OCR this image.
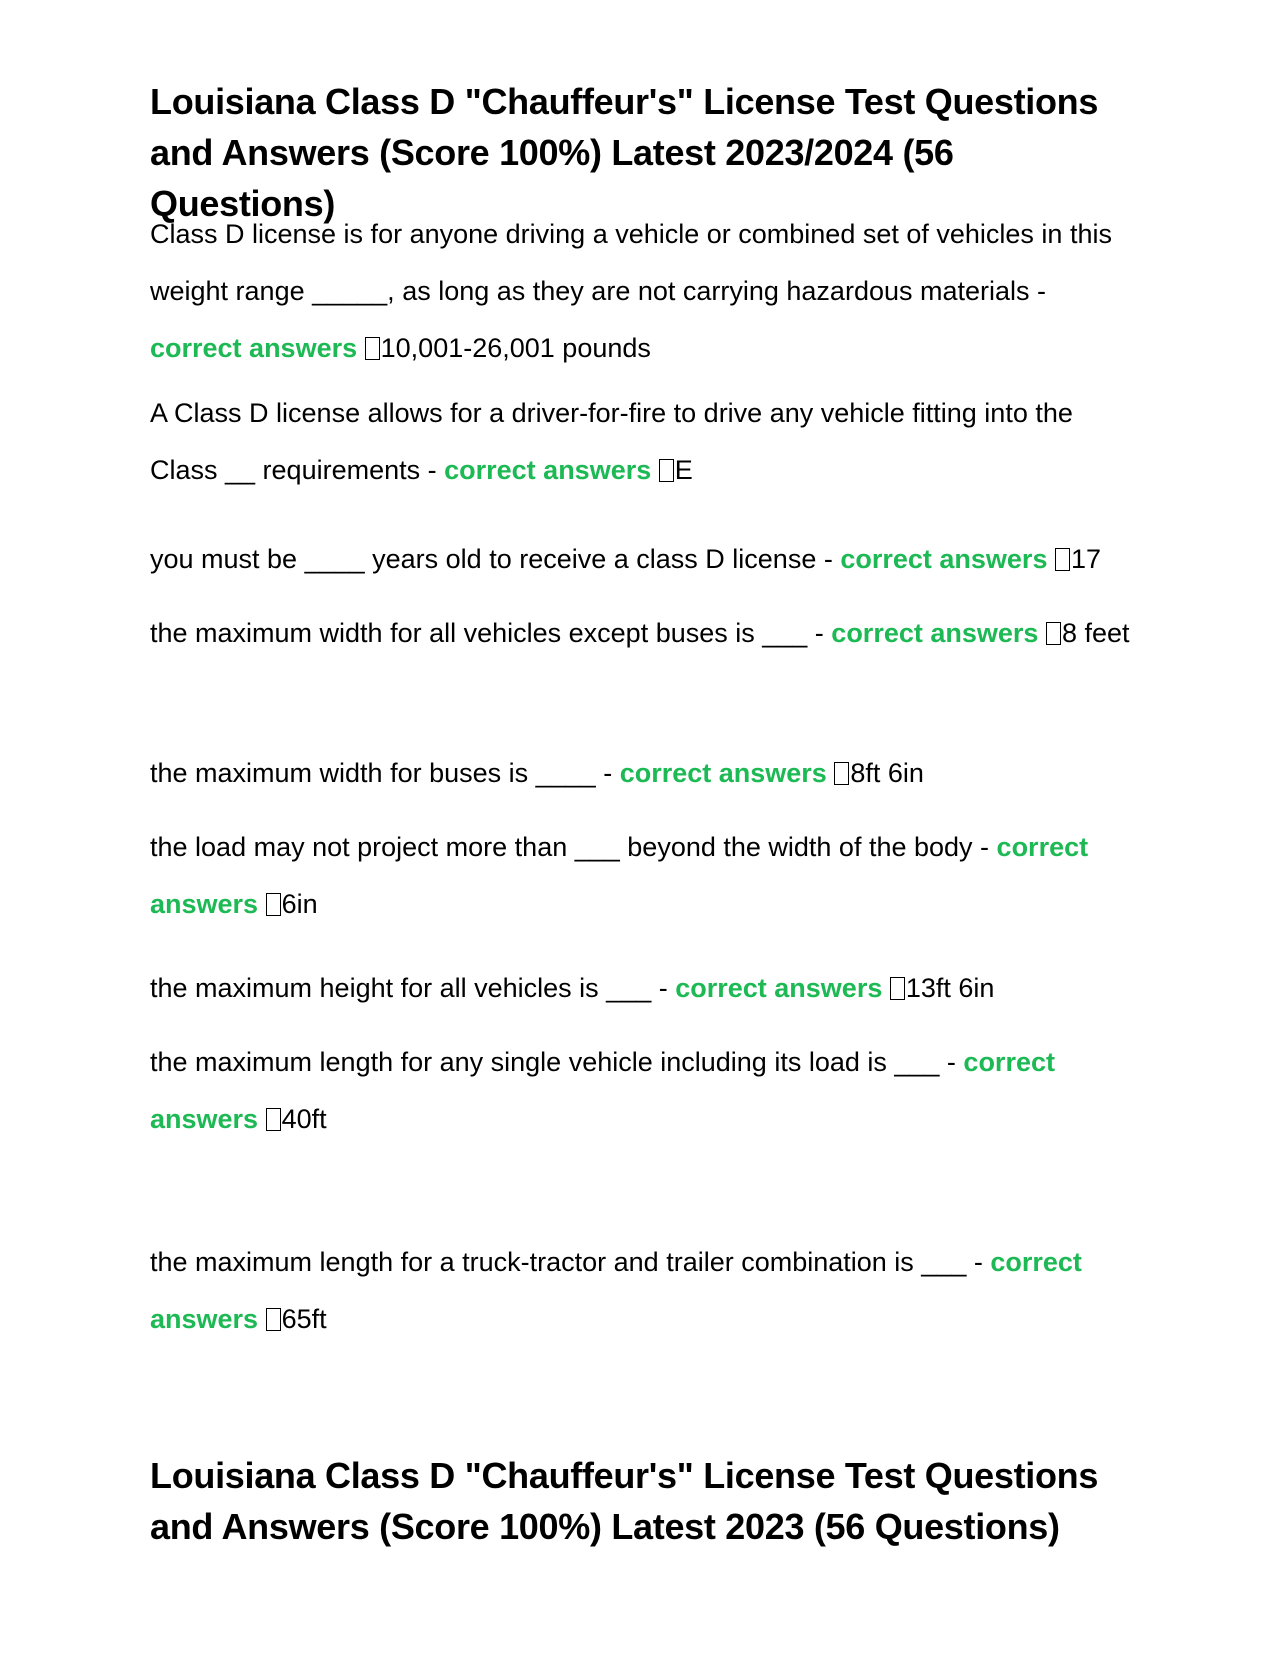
Louisiana Class D "Chauffeur's" License Test Questions and Answers (Score 100%) Latest 2023/2024 (56 Questions)

Class D license is for anyone driving a vehicle or combined set of vehicles in this weight range _____, as long as they are not carrying hazardous materials - correct answers 10,001-26,001 pounds

A Class D license allows for a driver-for-fire to drive any vehicle fitting into the Class __ requirements - correct answers E

you must be ____ years old to receive a class D license - correct answers 17

the maximum width for all vehicles except buses is ___ - correct answers 8 feet

the maximum width for buses is ____ - correct answers 8ft 6in

the load may not project more than ___ beyond the width of the body - correct answers 6in

the maximum height for all vehicles is ___ - correct answers 13ft 6in

the maximum length for any single vehicle including its load is ___ - correct answers 40ft

the maximum length for a truck-tractor and trailer combination is ___ - correct answers 65ft

Louisiana Class D "Chauffeur's" License Test Questions and Answers (Score 100%) Latest 2023 (56 Questions)
